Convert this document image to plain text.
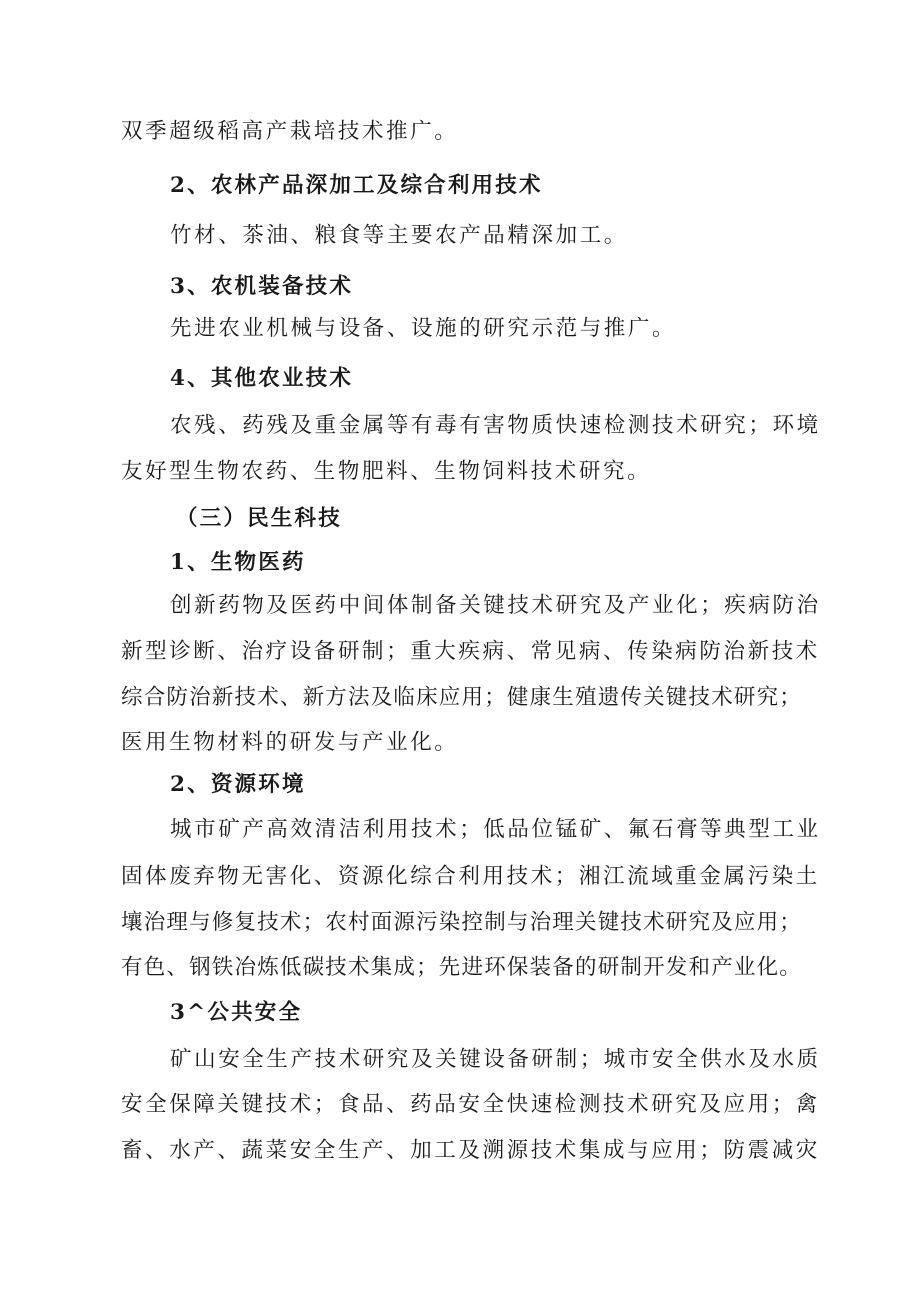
双季超级稻高产栽培技术推广。
2、农林产品深加工及综合利用技术
竹材、茶油、粮食等主要农产品精深加工。
3、农机装备技术
先进农业机械与设备、设施的研究示范与推广。
4、其他农业技术
农残、药残及重金属等有毒有害物质快速检测技术研究；环境
友好型生物农药、生物肥料、生物饲料技术研究。
（三）民生科技
1、生物医药
创新药物及医药中间体制备关键技术研究及产业化；疾病防治
新型诊断、治疗设备研制；重大疾病、常见病、传染病防治新技术
综合防治新技术、新方法及临床应用；健康生殖遗传关键技术研究；
医用生物材料的研发与产业化。
2、资源环境
城市矿产高效清洁利用技术；低品位锰矿、氟石膏等典型工业
固体废弃物无害化、资源化综合利用技术；湘江流域重金属污染土
壤治理与修复技术；农村面源污染控制与治理关键技术研究及应用；
有色、钢铁冶炼低碳技术集成；先进环保装备的研制开发和产业化。
3^公共安全
矿山安全生产技术研究及关键设备研制；城市安全供水及水质
安全保障关键技术；食品、药品安全快速检测技术研究及应用；禽
畜、水产、蔬菜安全生产、加工及溯源技术集成与应用；防震减灾
